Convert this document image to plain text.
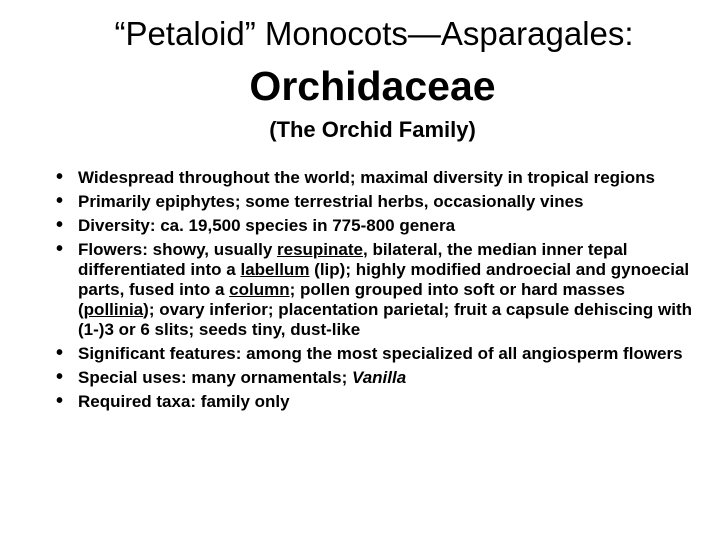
“Petaloid” Monocots—Asparagales:
Orchidaceae
(The Orchid Family)
• Widespread throughout the world; maximal diversity in tropical regions
• Primarily epiphytes; some terrestrial herbs, occasionally vines
• Diversity: ca. 19,500 species in 775-800 genera
• Flowers: showy, usually resupinate, bilateral, the median inner tepal differentiated into a labellum (lip); highly modified androecial and gynoecial parts, fused into a column; pollen grouped into soft or hard masses (pollinia); ovary inferior; placentation parietal; fruit a capsule dehiscing with (1-)3 or 6 slits; seeds tiny, dust-like
• Significant features: among the most specialized of all angiosperm flowers
• Special uses: many ornamentals; Vanilla
• Required taxa: family only
